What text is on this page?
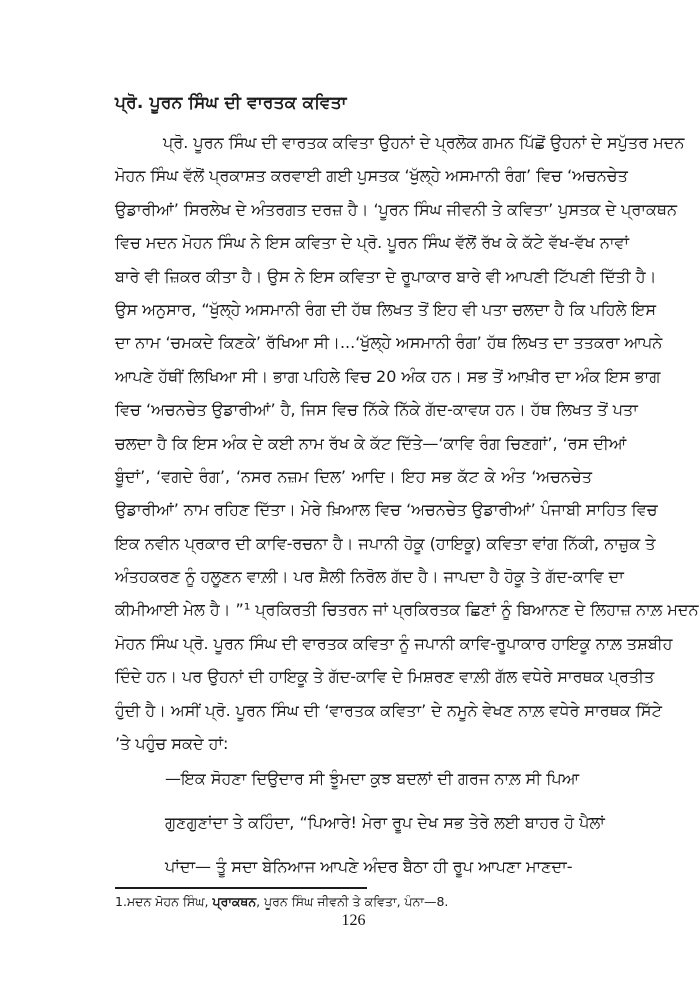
ਪ੍ਰੋ. ਪੂਰਨ ਸਿੰਘ ਦੀ ਵਾਰਤਕ ਕਵਿਤਾ
ਪ੍ਰੋ. ਪੂਰਨ ਸਿੰਘ ਦੀ ਵਾਰਤਕ ਕਵਿਤਾ ਉਹਨਾਂ ਦੇ ਪ੍ਰਲੋਕ ਗਮਨ ਪਿੱਛੋਂ ਉਹਨਾਂ ਦੇ ਸਪੁੱਤਰ ਮਦਨ
ਮੋਹਨ ਸਿੰਘ ਵੱਲੋਂ ਪ੍ਰਕਾਸ਼ਤ ਕਰਵਾਈ ਗਈ ਪੁਸਤਕ ‘ਖੁੱਲ੍ਹੇ ਅਸਮਾਨੀ ਰੰਗ’ ਵਿਚ ‘ਅਚਨਚੇਤ
ਉਡਾਰੀਆਂ’ ਸਿਰਲੇਖ ਦੇ ਅੰਤਰਗਤ ਦਰਜ਼ ਹੈ। ‘ਪੂਰਨ ਸਿੰਘ ਜੀਵਨੀ ਤੇ ਕਵਿਤਾ’ ਪੁਸਤਕ ਦੇ ਪ੍ਰਾਕਥਨ
ਵਿਚ ਮਦਨ ਮੋਹਨ ਸਿੰਘ ਨੇ ਇਸ ਕਵਿਤਾ ਦੇ ਪ੍ਰੋ. ਪੂਰਨ ਸਿੰਘ ਵੱਲੋਂ ਰੱਖ ਕੇ ਕੱਟੇ ਵੱਖ-ਵੱਖ ਨਾਵਾਂ
ਬਾਰੇ ਵੀ ਜ਼ਿਕਰ ਕੀਤਾ ਹੈ। ਉਸ ਨੇ ਇਸ ਕਵਿਤਾ ਦੇ ਰੂਪਾਕਾਰ ਬਾਰੇ ਵੀ ਆਪਣੀ ਟਿੱਪਣੀ ਦਿੱਤੀ ਹੈ।
ਉਸ ਅਨੁਸਾਰ, “ਖੁੱਲ੍ਹੇ ਅਸਮਾਨੀ ਰੰਗ ਦੀ ਹੱਥ ਲਿਖਤ ਤੋਂ ਇਹ ਵੀ ਪਤਾ ਚਲਦਾ ਹੈ ਕਿ ਪਹਿਲੇ ਇਸ
ਦਾ ਨਾਮ ‘ਚਮਕਦੇ ਕਿਣਕੇ’ ਰੱਖਿਆ ਸੀ।...‘ਖੁੱਲ੍ਹੇ ਅਸਮਾਨੀ ਰੰਗ’ ਹੱਥ ਲਿਖਤ ਦਾ ਤਤਕਰਾ ਆਪਨੇ
ਆਪਣੇ ਹੱਥੀਂ ਲਿਖਿਆ ਸੀ। ਭਾਗ ਪਹਿਲੇ ਵਿਚ 20 ਅੰਕ ਹਨ। ਸਭ ਤੋਂ ਆਖ਼ੀਰ ਦਾ ਅੰਕ ਇਸ ਭਾਗ
ਵਿਚ ‘ਅਚਨਚੇਤ ਉਡਾਰੀਆਂ’ ਹੈ, ਜਿਸ ਵਿਚ ਨਿੱਕੇ ਨਿੱਕੇ ਗੱਦ-ਕਾਵਯ ਹਨ। ਹੱਥ ਲਿਖਤ ਤੋਂ ਪਤਾ
ਚਲਦਾ ਹੈ ਕਿ ਇਸ ਅੰਕ ਦੇ ਕਈ ਨਾਮ ਰੱਖ ਕੇ ਕੱਟ ਦਿੱਤੇ—‘ਕਾਵਿ ਰੰਗ ਚਿਣਗਾਂ’, ‘ਰਸ ਦੀਆਂ
ਬੂੰਦਾਂ’, ‘ਵਗਦੇ ਰੰਗ’, ‘ਨਸਰ ਨਜ਼ਮ ਦਿਲ’ ਆਦਿ। ਇਹ ਸਭ ਕੱਟ ਕੇ ਅੰਤ ‘ਅਚਨਚੇਤ
ਉਡਾਰੀਆਂ’ ਨਾਮ ਰਹਿਣ ਦਿੱਤਾ। ਮੇਰੇ ਖ਼ਿਆਲ ਵਿਚ ‘ਅਚਨਚੇਤ ਉਡਾਰੀਆਂ’ ਪੰਜਾਬੀ ਸਾਹਿਤ ਵਿਚ
ਇਕ ਨਵੀਨ ਪ੍ਰਕਾਰ ਦੀ ਕਾਵਿ-ਰਚਨਾ ਹੈ। ਜਪਾਨੀ ਹੋਕੂ (ਹਾਇਕੂ) ਕਵਿਤਾ ਵਾਂਗ ਨਿੱਕੀ, ਨਾਜ਼ੁਕ ਤੇ
ਅੰਤਹਕਰਣ ਨੂੰ ਹਲੂਣਨ ਵਾਲ਼ੀ। ਪਰ ਸ਼ੈਲੀ ਨਿਰੋਲ ਗੱਦ ਹੈ। ਜਾਪਦਾ ਹੈ ਹੋਕੂ ਤੇ ਗੱਦ-ਕਾਵਿ ਦਾ
ਕੀਮੀਆਈ ਮੇਲ ਹੈ। ”¹ ਪ੍ਰਕਿਰਤੀ ਚਿਤਰਨ ਜਾਂ ਪ੍ਰਕਿਰਤਕ ਛਿਣਾਂ ਨੂੰ ਬਿਆਨਣ ਦੇ ਲਿਹਾਜ਼ ਨਾਲ਼ ਮਦਨ
ਮੋਹਨ ਸਿੰਘ ਪ੍ਰੋ. ਪੂਰਨ ਸਿੰਘ ਦੀ ਵਾਰਤਕ ਕਵਿਤਾ ਨੂੰ ਜਪਾਨੀ ਕਾਵਿ-ਰੂਪਾਕਾਰ ਹਾਇਕੂ ਨਾਲ਼ ਤਸ਼ਬੀਹ
ਦਿੰਦੇ ਹਨ। ਪਰ ਉਹਨਾਂ ਦੀ ਹਾਇਕੂ ਤੇ ਗੱਦ-ਕਾਵਿ ਦੇ ਮਿਸ਼ਰਣ ਵਾਲ਼ੀ ਗੱਲ ਵਧੇਰੇ ਸਾਰਥਕ ਪ੍ਰਤੀਤ
ਹੁੰਦੀ ਹੈ। ਅਸੀਂ ਪ੍ਰੋ. ਪੂਰਨ ਸਿੰਘ ਦੀ ‘ਵਾਰਤਕ ਕਵਿਤਾ’ ਦੇ ਨਮੂਨੇ ਵੇਖਣ ਨਾਲ਼ ਵਧੇਰੇ ਸਾਰਥਕ ਸਿੱਟੇ
’ਤੇ ਪਹੁੰਚ ਸਕਦੇ ਹਾਂ:
—ਇਕ ਸੋਹਣਾ ਦਿਉਦਾਰ ਸੀ ਝੂੰਮਦਾ ਕੁਝ ਬਦਲਾਂ ਦੀ ਗਰਜ ਨਾਲ਼ ਸੀ ਪਿਆ
ਗੁਣਗੁਣਾਂਦਾ ਤੇ ਕਹਿੰਦਾ, “ਪਿਆਰੇ! ਮੇਰਾ ਰੂਪ ਦੇਖ ਸਭ ਤੇਰੇ ਲਈ ਬਾਹਰ ਹੋ ਪੈਲਾਂ
ਪਾਂਦਾ— ਤੂੰ ਸਦਾ ਬੇਨਿਆਜ ਆਪਣੇ ਅੰਦਰ ਬੈਠਾ ਹੀ ਰੂਪ ਆਪਣਾ ਮਾਣਦਾ-
1.ਮਦਨ ਮੋਹਨ ਸਿੰਘ, ਪ੍ਰਾਕਥਨ, ਪੂਰਨ ਸਿੰਘ ਜੀਵਨੀ ਤੇ ਕਵਿਤਾ, ਪੰਨਾ—8.
126
